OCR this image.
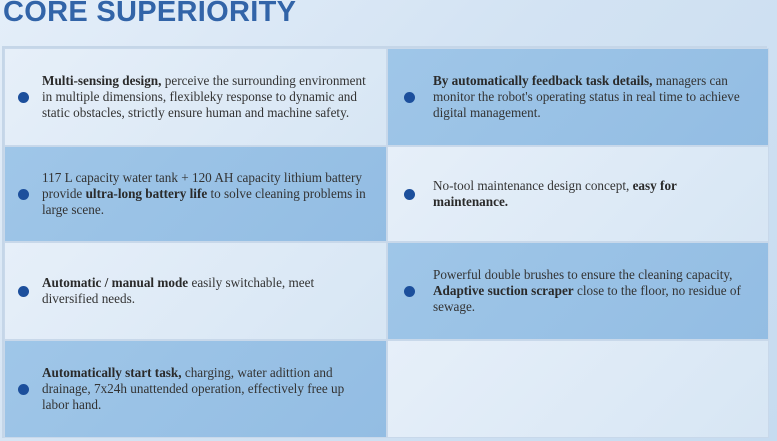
CORE SUPERIORITY
Multi-sensing design, perceive the surrounding environment in multiple dimensions, flexibleky response to dynamic and static obstacles, strictly ensure human and machine safety.
By automatically feedback task details, managers can monitor the robot's operating status in real time to achieve digital management.
117 L capacity water tank + 120 AH capacity lithium battery provide ultra-long battery life to solve cleaning problems in large scene.
No-tool maintenance design concept, easy for maintenance.
Automatic / manual mode easily switchable, meet diversified needs.
Powerful double brushes to ensure the cleaning capacity, Adaptive suction scraper close to the floor, no residue of sewage.
Automatically start task, charging, water adittion and drainage, 7x24h unattended operation, effectively free up labor hand.
